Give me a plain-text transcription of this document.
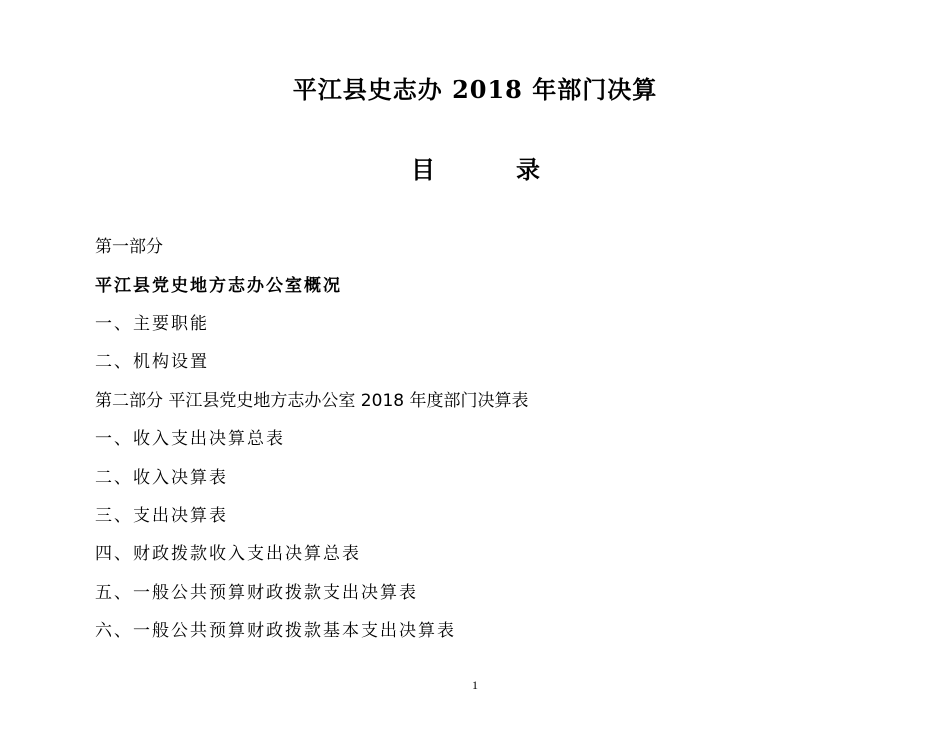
平江县史志办 2018 年部门决算
目	录
第一部分
平江县党史地方志办公室概况
一、主要职能
二、机构设置
第二部分 平江县党史地方志办公室 2018 年度部门决算表
一、收入支出决算总表
二、收入决算表
三、支出决算表
四、财政拨款收入支出决算总表
五、一般公共预算财政拨款支出决算表
六、一般公共预算财政拨款基本支出决算表
1
